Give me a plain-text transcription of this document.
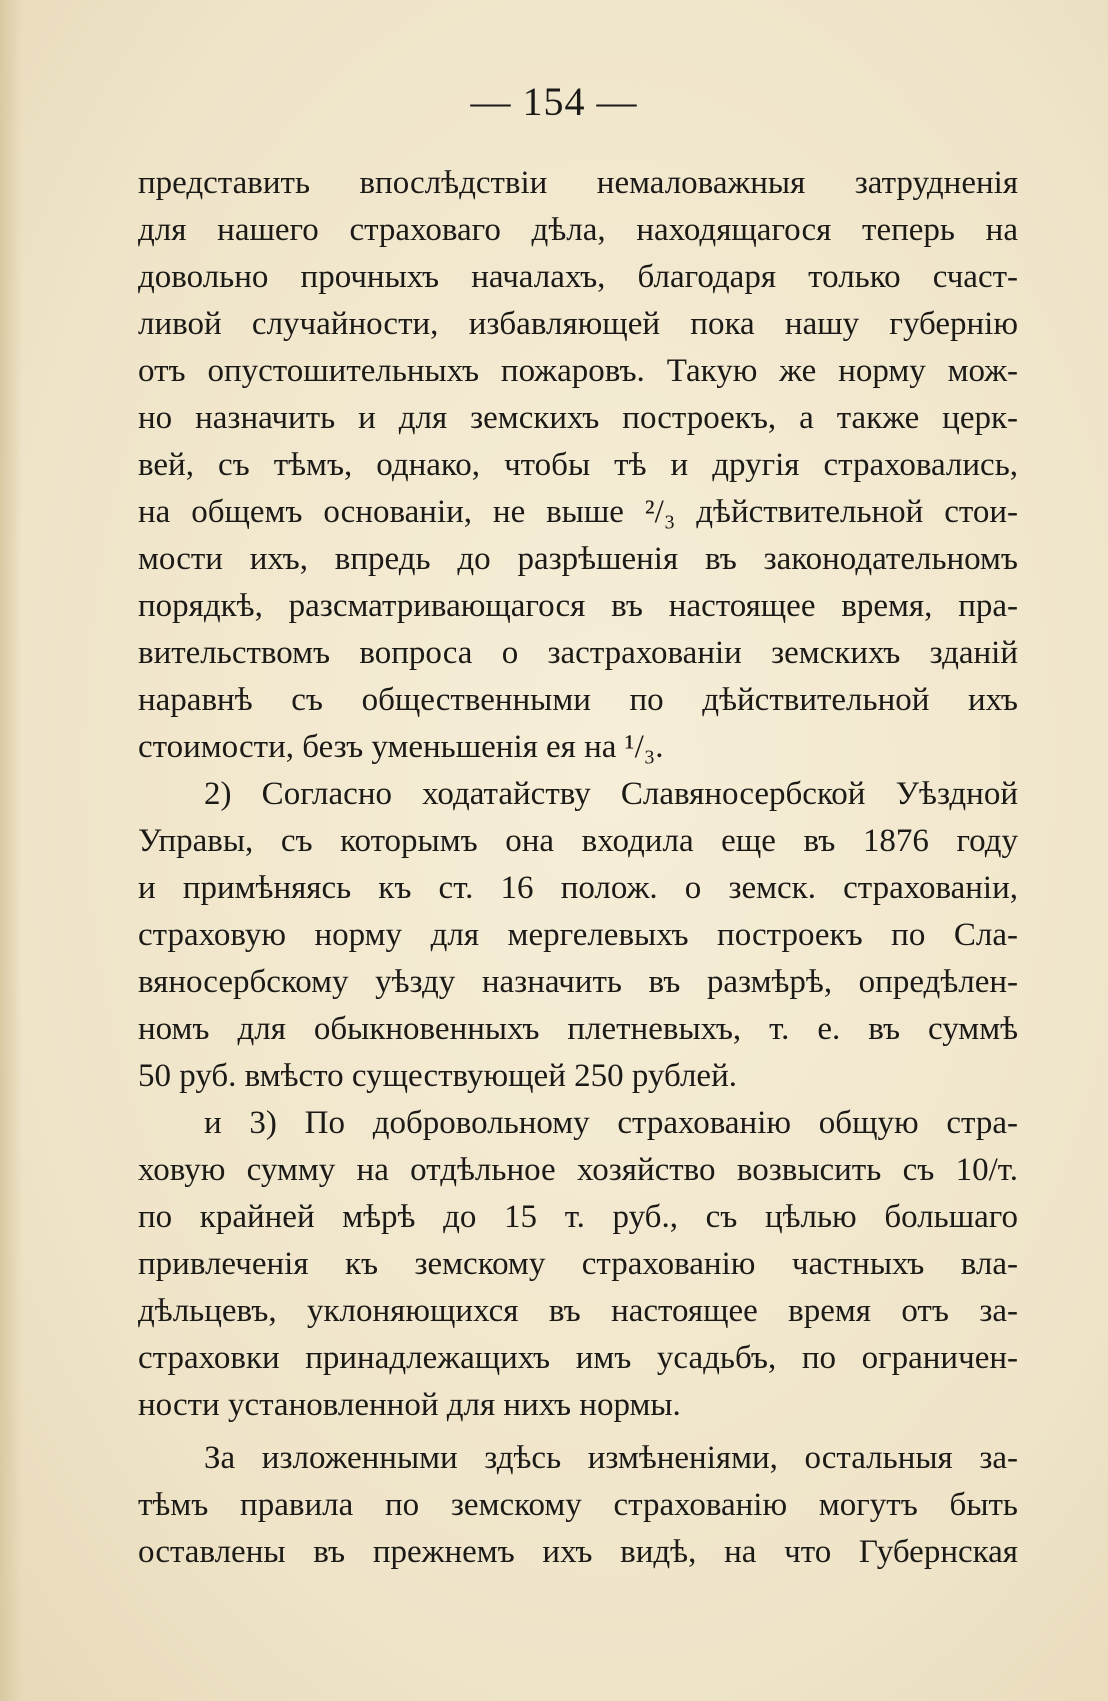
— 154 —
представить впослѣдствіи немаловажныя затрудненія
для нашего страховаго дѣла, находящагося теперь на
довольно прочныхъ началахъ, благодаря только счаст-
ливой случайности, избавляющей пока нашу губернію
отъ опустошительныхъ пожаровъ. Такую же норму мож-
но назначить и для земскихъ построекъ, а также церк-
вей, съ тѣмъ, однако, чтобы тѣ и другія страховались,
на общемъ основаніи, не выше ²/₃ дѣйствительной стои-
мости ихъ, впредь до разрѣшенія въ законодательномъ
порядкѣ, разсматривающагося въ настоящее время, пра-
вительствомъ вопроса о застрахованіи земскихъ зданій
наравнѣ съ общественными по дѣйствительной ихъ
стоимости, безъ уменьшенія ея на ¹/₃.
2) Согласно ходатайству Славяносербской Уѣздной
Управы, съ которымъ она входила еще въ 1876 году
и примѣняясь къ ст. 16 полож. о земск. страхованіи,
страховую норму для мергелевыхъ построекъ по Сла-
вяносербскому уѣзду назначить въ размѣрѣ, опредѣлен-
номъ для обыкновенныхъ плетневыхъ, т. е. въ суммѣ
50 руб. вмѣсто существующей 250 рублей.
и 3) По добровольному страхованію общую стра-
ховую сумму на отдѣльное хозяйство возвысить съ 10/т.
по крайней мѣрѣ до 15 т. руб., съ цѣлью большаго
привлеченія къ земскому страхованію частныхъ вла-
дѣльцевъ, уклоняющихся въ настоящее время отъ за-
страховки принадлежащихъ имъ усадьбъ, по ограничен-
ности установленной для нихъ нормы.
За изложенными здѣсь измѣненіями, остальныя за-
тѣмъ правила по земскому страхованію могутъ быть
оставлены въ прежнемъ ихъ видѣ, на что Губернская
